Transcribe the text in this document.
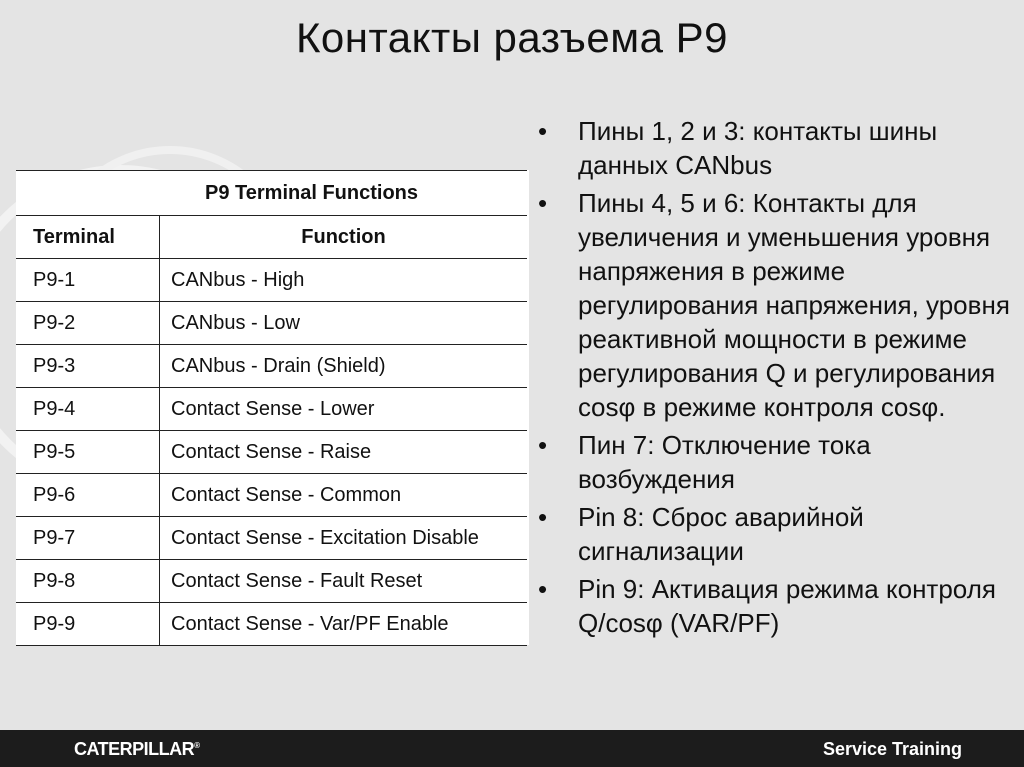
Контакты разъема P9
P9 Terminal Functions	
Terminal	Function
P9-1	CANbus - High
P9-2	CANbus - Low
P9-3	CANbus - Drain (Shield)
P9-4	Contact Sense - Lower
P9-5	Contact Sense - Raise
P9-6	Contact Sense - Common
P9-7	Contact Sense - Excitation Disable
P9-8	Contact Sense - Fault Reset
P9-9	Contact Sense - Var/PF Enable
• Пины 1, 2 и 3: контакты шины данных CANbus
• Пины 4, 5 и 6: Контакты для увеличения и уменьшения уровня напряжения в режиме регулирования напряжения, уровня реактивной мощности в режиме регулирования Q и регулирования cosφ в режиме контроля cosφ.
• Пин 7: Отключение тока возбуждения
• Pin 8: Сброс аварийной сигнализации
• Pin 9: Активация режима контроля Q/cosφ (VAR/PF)
CATERPILLAR®	Service Training
